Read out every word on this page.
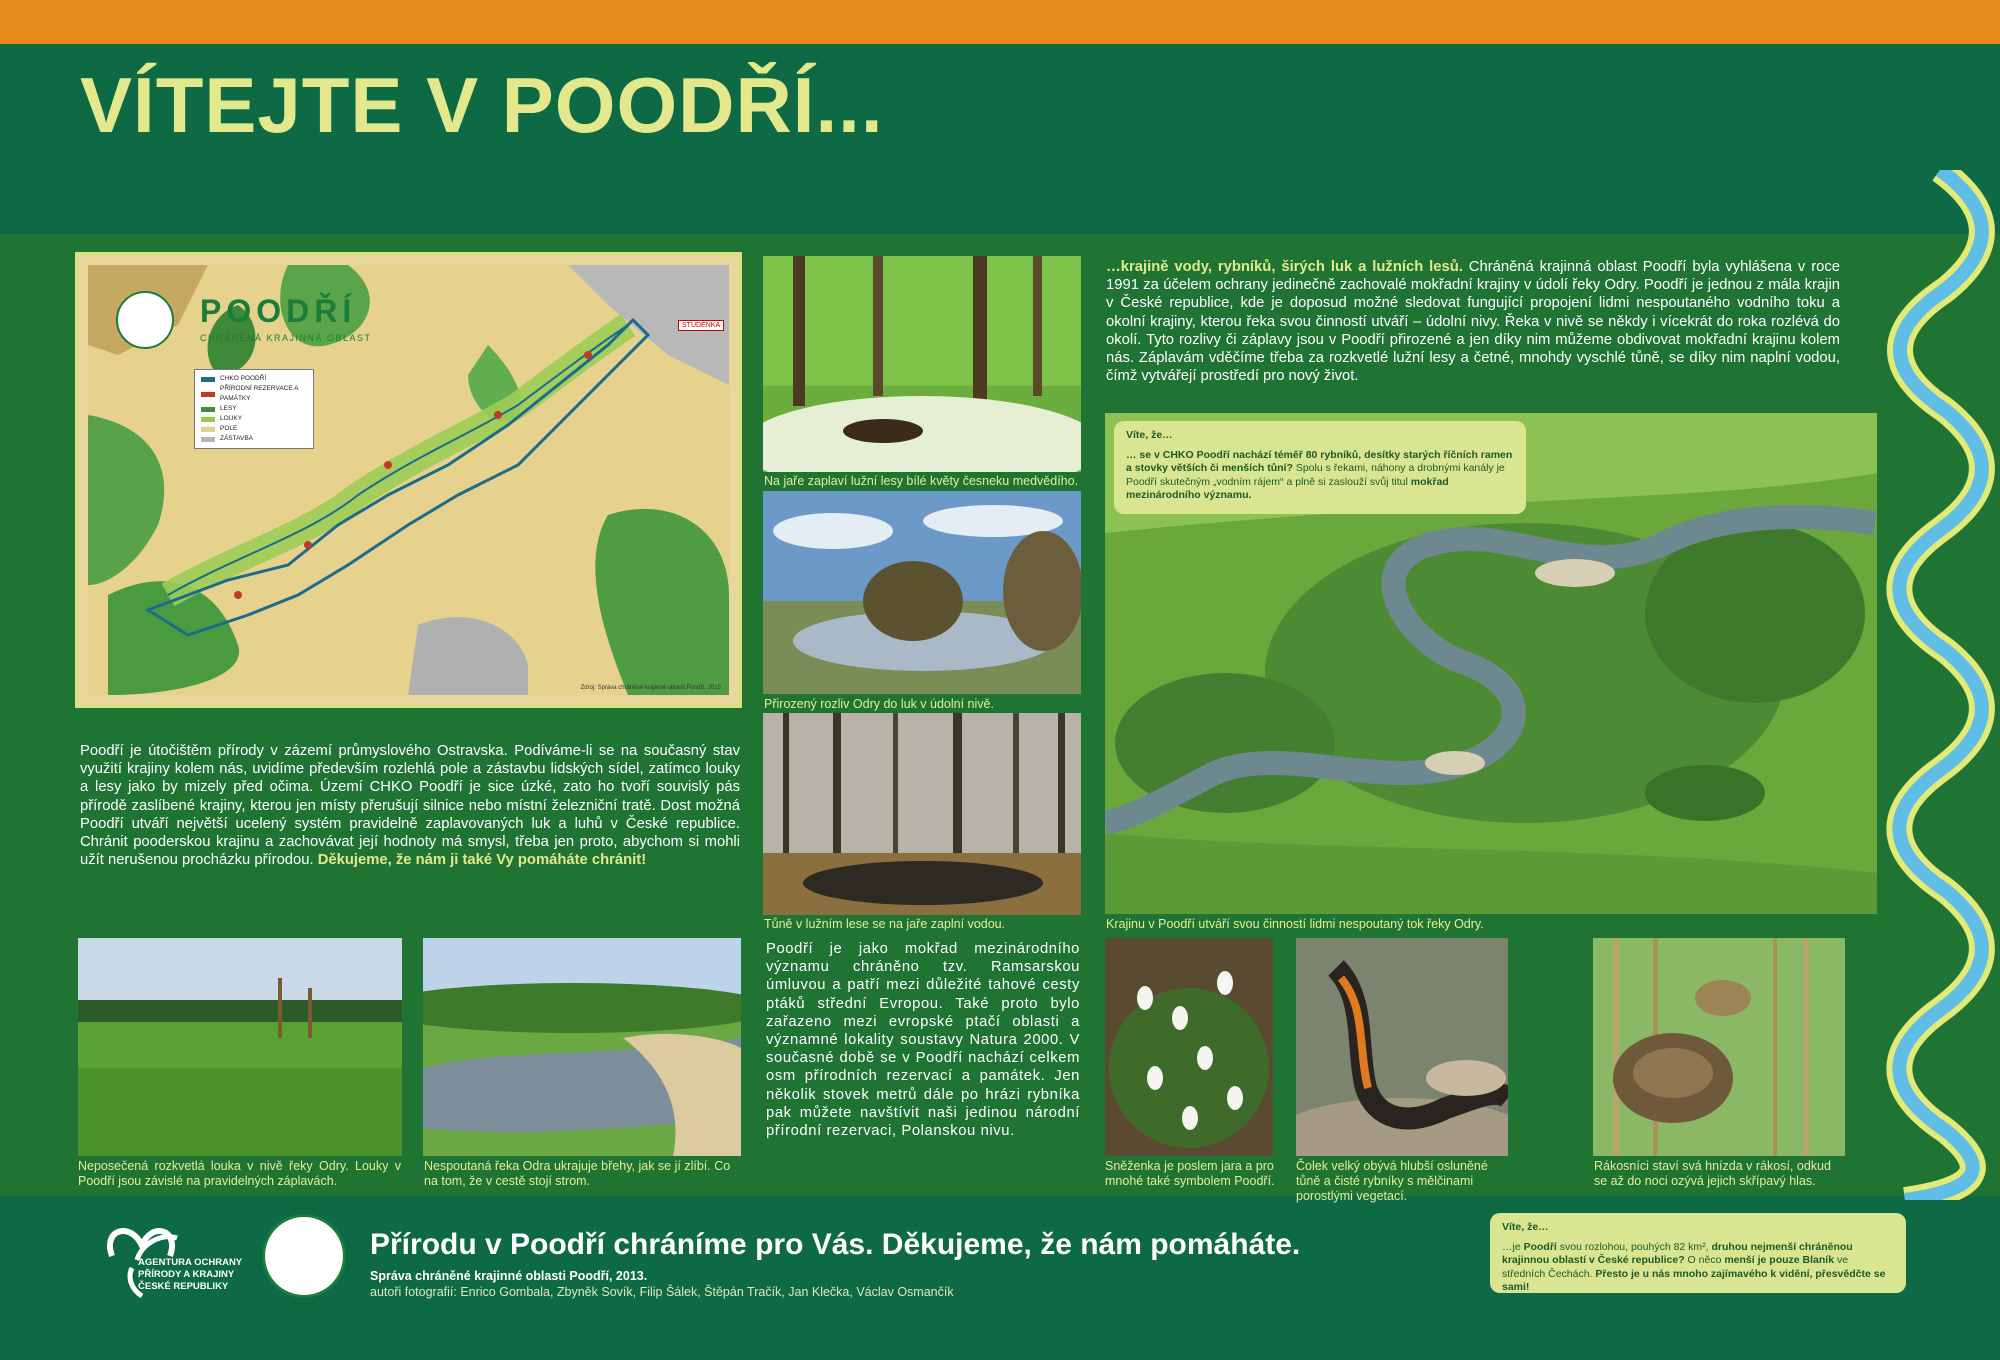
VÍTEJTE V POODŘÍ...
POODŘÍ
CHRÁNĚNÁ KRAJINNÁ OBLAST
CHKO POODŘÍ
PŘÍRODNÍ REZERVACE A PAMÁTKY
LESY
LOUKY
POLE
ZÁSTAVBA
STUDÉNKA
Zdroj: Správa chráněné krajinné oblasti Poodří, 2013
Poodří je útočištěm přírody v zázemí průmyslového Ostravska. Podíváme-li se na současný stav využití krajiny kolem nás, uvidíme především rozlehlá pole a zástavbu lidských sídel, zatímco louky a lesy jako by mizely před očima. Území CHKO Poodří je sice úzké, zato ho tvoří souvislý pás přírodě zaslíbené krajiny, kterou jen místy přerušují silnice nebo místní železniční tratě. Dost možná Poodří utváří největší ucelený systém pravidelně zaplavovaných luk a luhů v České republice. Chránit pooderskou krajinu a zachovávat její hodnoty má smysl, třeba jen proto, abychom si mohli užít nerušenou procházku přírodou. Děkujeme, že nám ji také Vy pomáháte chránit!
Na jaře zaplaví lužní lesy bílé květy česneku medvědího.
Přirozený rozliv Odry do luk v údolní nivě.
Tůně v lužním lese se na jaře zaplní vodou.
…krajině vody, rybníků, širých luk a lužních lesů. Chráněná krajinná oblast Poodří byla vyhlášena v roce 1991 za účelem ochrany jedinečně zachovalé mokřadní krajiny v údolí řeky Odry. Poodří je jednou z mála krajin v České republice, kde je doposud možné sledovat fungující propojení lidmi nespoutaného vodního toku a okolní krajiny, kterou řeka svou činností utváří – údolní nivy. Řeka v nivě se někdy i vícekrát do roka rozlévá do okolí. Tyto rozlivy či záplavy jsou v Poodří přirozené a jen díky nim můžeme obdivovat mokřadní krajinu kolem nás. Záplavám vděčíme třeba za rozkvetlé lužní lesy a četné, mnohdy vyschlé tůně, se díky nim naplní vodou, čímž vytvářejí prostředí pro nový život.
Krajinu v Poodří utváří svou činností lidmi nespoutaný tok řeky Odry.
Víte, že…
… se v CHKO Poodří nachází téměř 80 rybníků, desítky starých říčních ramen a stovky větších či menších tůní? Spolu s řekami, náhony a drobnými kanály je Poodří skutečným „vodním rájem“ a plně si zaslouží svůj titul mokřad mezinárodního významu.
Neposečená rozkvetlá louka v nivě řeky Odry. Louky v Poodří jsou závislé na pravidelných záplavách.
Nespoutaná řeka Odra ukrajuje břehy, jak se jí zlíbí. Co na tom, že v cestě stojí strom.
Poodří je jako mokřad mezinárodního významu chráněno tzv. Ramsarskou úmluvou a patří mezi důležité tahové cesty ptáků střední Evropou. Také proto bylo zařazeno mezi evropské ptačí oblasti a významné lokality soustavy Natura 2000. V současné době se v Poodří nachází celkem osm přírodních rezervací a památek. Jen několik stovek metrů dále po hrázi rybníka pak můžete navštívit naši jedinou národní přírodní rezervaci, Polanskou nivu.
Sněženka je poslem jara a pro mnohé také symbolem Poodří.
Čolek velký obývá hlubší osluněné tůně a čisté rybníky s mělčinami porostlými vegetací.
Rákosníci staví svá hnízda v rákosí, odkud se až do noci ozývá jejich skřípavý hlas.
AGENTURA OCHRANY PŘÍRODY A KRAJINY ČESKÉ REPUBLIKY
Přírodu v Poodří chráníme pro Vás. Děkujeme, že nám pomáháte.
Správa chráněné krajinné oblasti Poodří, 2013.
autoři fotografií: Enrico Gombala, Zbyněk Sovík, Filip Šálek, Štěpán Tračík, Jan Klečka, Václav Osmančík
Víte, že…
…je Poodří svou rozlohou, pouhých 82 km², druhou nejmenší chráněnou krajinnou oblastí v České republice? O něco menší je pouze Blaník ve středních Čechách. Přesto je u nás mnoho zajímavého k vidění, přesvědčte se sami!
